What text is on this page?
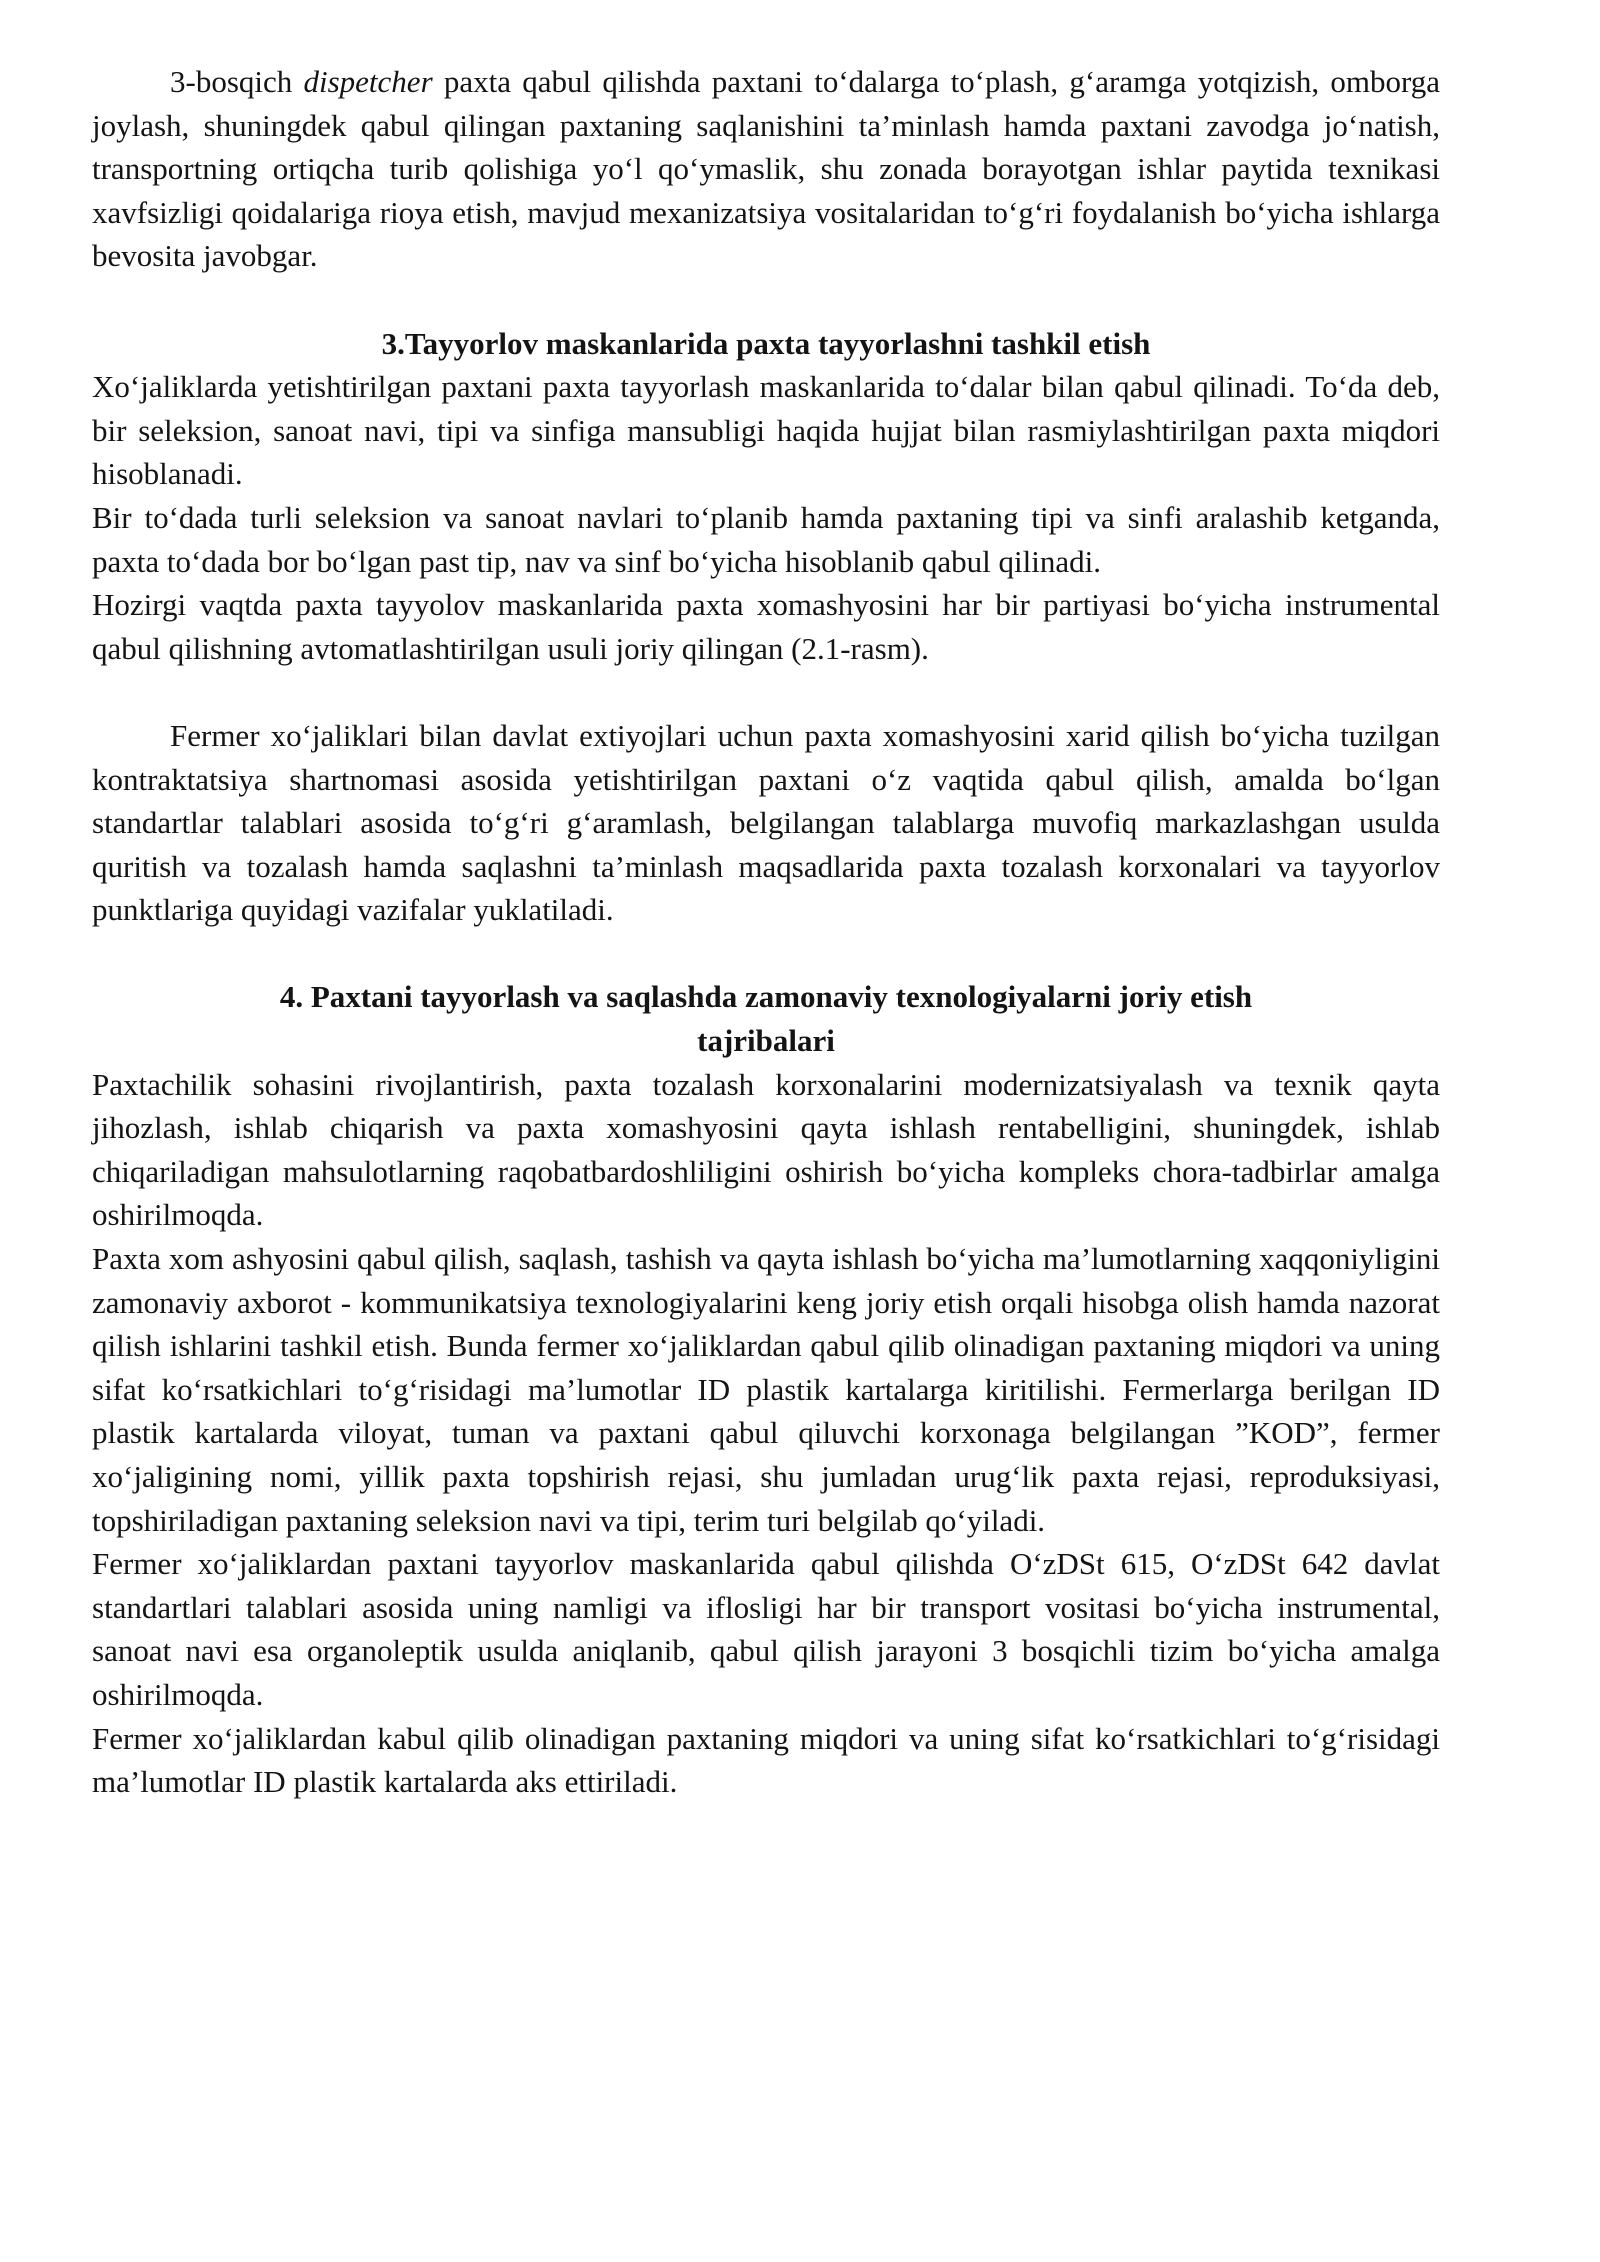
3-bosqich dispetcher paxta qabul qilishda paxtani to‘dalarga to‘plash, g‘aramga yotqizish, omborga joylash, shuningdek qabul qilingan paxtaning saqlanishini ta’minlash hamda paxtani zavodga jo‘natish, transportning ortiqcha turib qolishiga yo‘l qo‘ymaslik, shu zonada borayotgan ishlar paytida texnikasi xavfsizligi qoidalariga rioya etish, mavjud mexanizatsiya vositalaridan to‘g‘ri foydalanish bo‘yicha ishlarga bevosita javobgar.

3.Tayyorlov maskanlarida paxta tayyorlashni tashkil etish

Xo‘jaliklarda yetishtirilgan paxtani paxta tayyorlash maskanlarida to‘dalar bilan qabul qilinadi. To‘da deb, bir seleksion, sanoat navi, tipi va sinfiga mansubligi haqida hujjat bilan rasmiylashtirilgan paxta miqdori hisoblanadi.

Bir to‘dada turli seleksion va sanoat navlari to‘planib hamda paxtaning tipi va sinfi aralashib ketganda, paxta to‘dada bor bo‘lgan past tip, nav va sinf bo‘yicha hisoblanib qabul qilinadi.

Hozirgi vaqtda paxta tayyolov maskanlarida paxta xomashyosini har bir partiyasi bo‘yicha instrumental qabul qilishning avtomatlashtirilgan usuli joriy qilingan (2.1-rasm).

Fermer xo‘jaliklari bilan davlat extiyojlari uchun paxta xomashyosini xarid qilish bo‘yicha tuzilgan kontraktatsiya shartnomasi asosida yetishtirilgan paxtani o‘z vaqtida qabul qilish, amalda bo‘lgan standartlar talablari asosida to‘g‘ri g‘aramlash, belgilangan talablarga muvofiq markazlashgan usulda quritish va tozalash hamda saqlashni ta’minlash maqsadlarida paxta tozalash korxonalari va tayyorlov punktlariga quyidagi vazifalar yuklatiladi.

4. Paxtani tayyorlash va saqlashda zamonaviy texnologiyalarni joriy etish
tajribalari

Paxtachilik sohasini rivojlantirish, paxta tozalash korxonalarini modernizatsiyalash va texnik qayta jihozlash, ishlab chiqarish va paxta xomashyosini qayta ishlash rentabelligini, shuningdek, ishlab chiqariladigan mahsulotlarning raqobatbardoshliligini oshirish bo‘yicha kompleks chora-tadbirlar amalga oshirilmoqda.

Paxta xom ashyosini qabul qilish, saqlash, tashish va qayta ishlash bo‘yicha ma’lumotlarning xaqqoniyligini zamonaviy axborot - kommunikatsiya texnologiyalarini keng joriy etish orqali hisobga olish hamda nazorat qilish ishlarini tashkil etish. Bunda fermer xo‘jaliklardan qabul qilib olinadigan paxtaning miqdori va uning sifat ko‘rsatkichlari to‘g‘risidagi ma’lumotlar ID plastik kartalarga kiritilishi. Fermerlarga berilgan ID plastik kartalarda viloyat, tuman va paxtani qabul qiluvchi korxonaga belgilangan ”KOD”, fermer xo‘jaligining nomi, yillik paxta topshirish rejasi, shu jumladan urug‘lik paxta rejasi, reproduksiyasi, topshiriladigan paxtaning seleksion navi va tipi, terim turi belgilab qo‘yiladi.

Fermer xo‘jaliklardan paxtani tayyorlov maskanlarida qabul qilishda O‘zDSt 615, O‘zDSt 642 davlat standartlari talablari asosida uning namligi va iflosligi har bir transport vositasi bo‘yicha instrumental, sanoat navi esa organoleptik usulda aniqlanib, qabul qilish jarayoni 3 bosqichli tizim bo‘yicha amalga oshirilmoqda.

Fermer xo‘jaliklardan kabul qilib olinadigan paxtaning miqdori va uning sifat ko‘rsatkichlari to‘g‘risidagi ma’lumotlar ID plastik kartalarda aks ettiriladi.
